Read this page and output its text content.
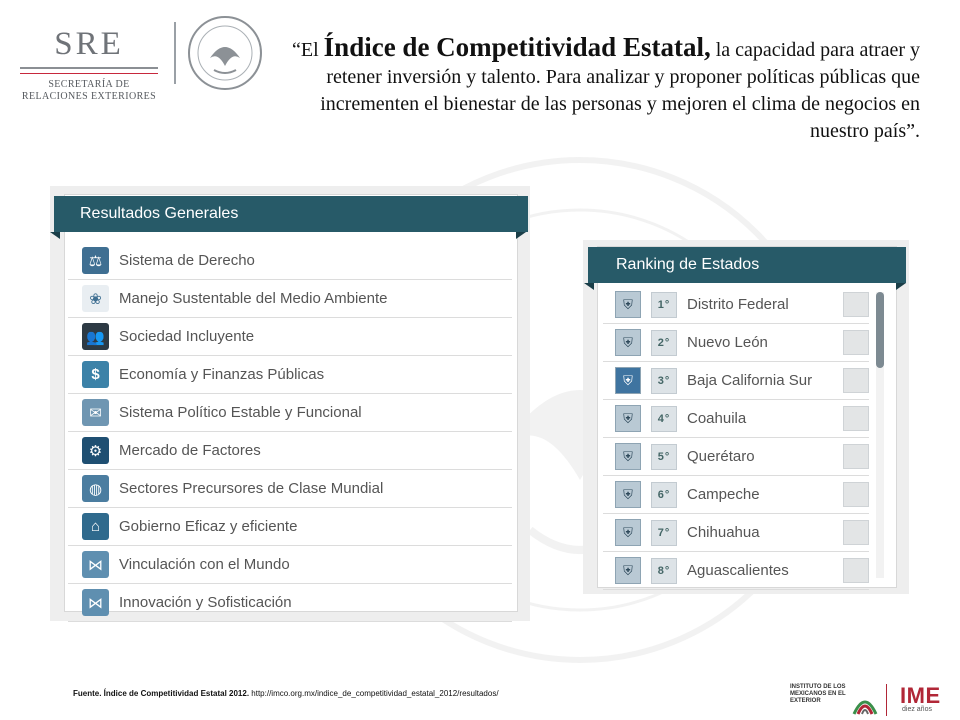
SRE
SECRETARÍA DE
RELACIONES EXTERIORES
“El Índice de Competitividad Estatal, la capacidad para atraer y retener inversión y talento. Para analizar y proponer políticas públicas que incrementen el bienestar de las personas y mejoren el clima de negocios en nuestro país”.
Resultados Generales
⚖	Sistema de Derecho
❀	Manejo Sustentable del Medio Ambiente
👥 Sociedad Incluyente
$	Economía y Finanzas Públicas
✉	Sistema Político Estable y Funcional
⚙	Mercado de Factores
◍	Sectores Precursores de Clase Mundial
⌂	Gobierno Eficaz y eficiente
⋈	Vinculación con el Mundo
⋈	Innovación y Sofisticación
Ranking de Estados
⛨	1°	Distrito Federal
⛨	2°	Nuevo León
⛨	3°	Baja California Sur
⛨	4°	Coahuila
⛨	5°	Querétaro
⛨	6°	Campeche
⛨	7°	Chihuahua
⛨	8°	Aguascalientes
Fuente. Índice de Competitividad Estatal 2012. http://imco.org.mx/indice_de_competitividad_estatal_2012/resultados/
INSTITUTO DE LOS MEXICANOS EN EL EXTERIOR	IME
diez años
